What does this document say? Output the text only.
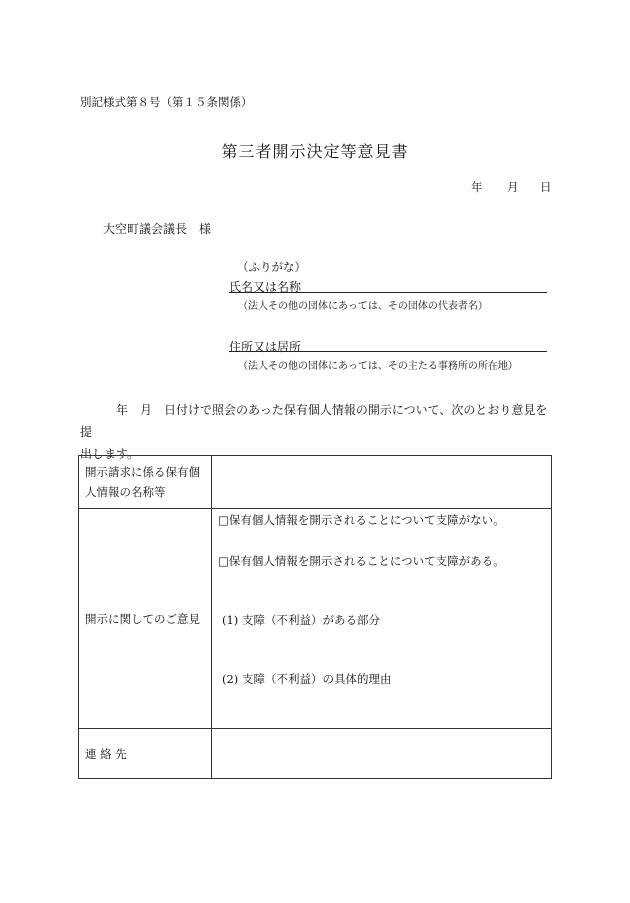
別記様式第８号（第１５条関係）
第三者開示決定等意見書
年 月 日
大空町議会議長　様
（ふりがな）
氏名又は名称
（法人その他の団体にあっては、その団体の代表者名）
住所又は居所
（法人その他の団体にあっては、その主たる事務所の所在地）
年　月　日付けで照会のあった保有個人情報の開示について、次のとおり意見を提
出します。
開示請求に係る保有個人情報の名称等	
開示に関してのご意見	□保有個人情報を開示されることについて支障がない。
□保有個人情報を開示されることについて支障がある。
(1) 支障（不利益）がある部分
(2) 支障（不利益）の具体的理由

連 絡 先	
